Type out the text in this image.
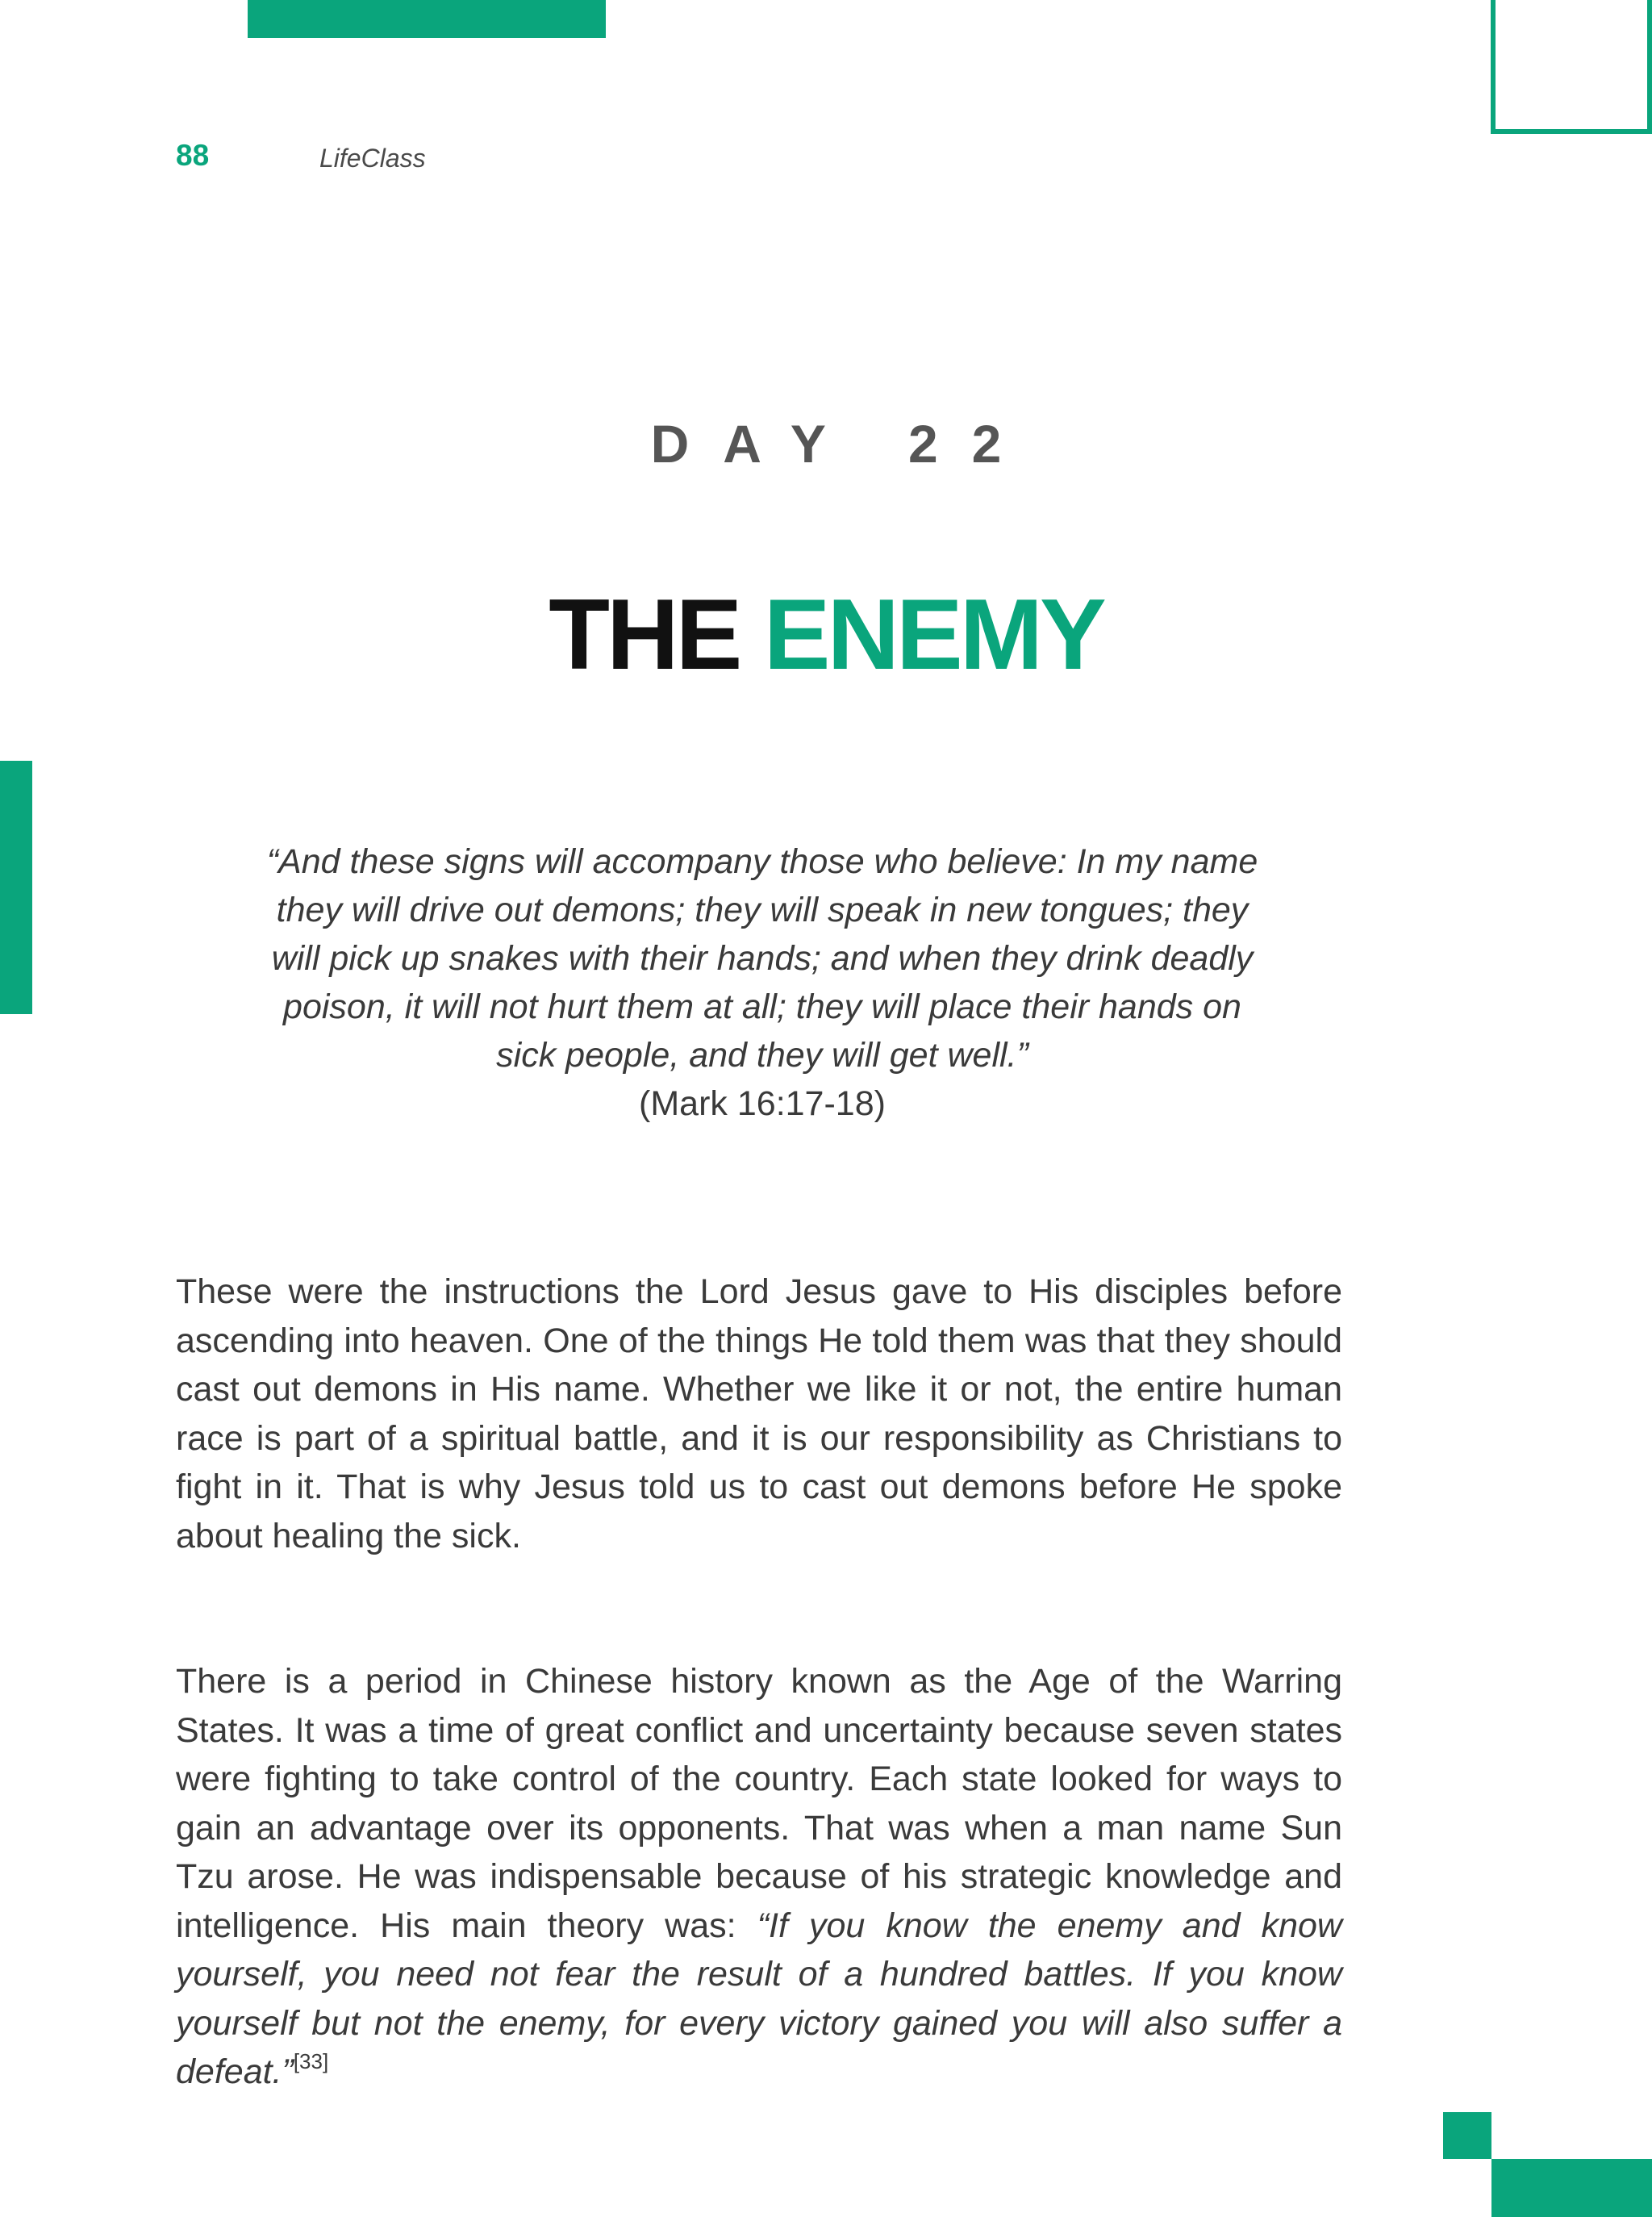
88	LifeClass
DAY 22
THE ENEMY
“And these signs will accompany those who believe: In my name they will drive out demons; they will speak in new tongues; they will pick up snakes with their hands; and when they drink deadly poison, it will not hurt them at all; they will place their hands on sick people, and they will get well.”
(Mark 16:17-18)

These were the instructions the Lord Jesus gave to His disciples before ascending into heaven. One of the things He told them was that they should cast out demons in His name. Whether we like it or not, the entire human race is part of a spiritual battle, and it is our responsibility as Christians to fight in it. That is why Jesus told us to cast out demons before He spoke about healing the sick.

There is a period in Chinese history known as the Age of the Warring States. It was a time of great conflict and uncertainty because seven states were fighting to take control of the country. Each state looked for ways to gain an advantage over its opponents. That was when a man name Sun Tzu arose. He was indispensable because of his strategic knowledge and intelligence. His main theory was: “If you know the enemy and know yourself, you need not fear the result of a hundred battles. If you know yourself but not the enemy, for every victory gained you will also suffer a defeat.”[33]
